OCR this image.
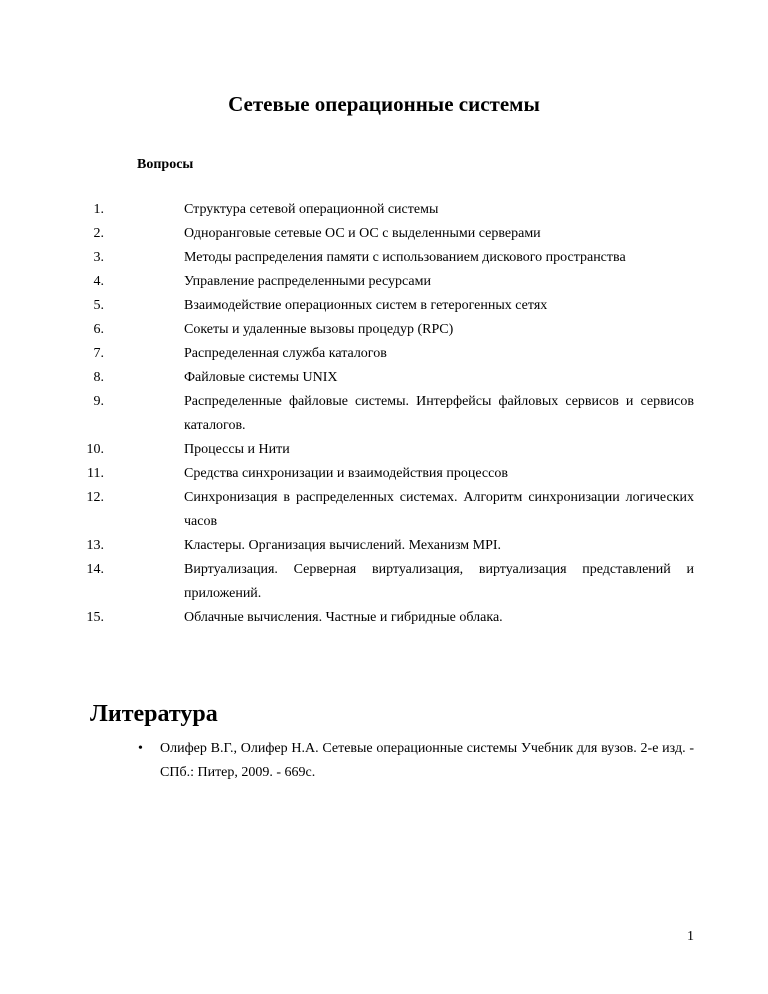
Сетевые операционные системы
Вопросы
1.	Структура сетевой операционной системы
2.	Одноранговые сетевые ОС и ОС с выделенными серверами
3.	Методы распределения памяти с использованием дискового пространства
4.	Управление распределенными ресурсами
5.	Взаимодействие операционных систем в гетерогенных сетях
6.	Сокеты и удаленные вызовы процедур (RPC)
7.	Распределенная служба каталогов
8.	Файловые системы UNIX
9.	Распределенные файловые системы. Интерфейсы файловых сервисов и сервисов каталогов.
10.	Процессы и Нити
11.	Средства синхронизации и взаимодействия процессов
12.	Синхронизация в распределенных системах. Алгоритм синхронизации логических часов
13.	Кластеры. Организация вычислений. Механизм MPI.
14.	Виртуализация. Серверная виртуализация, виртуализация представлений и приложений.
15.	Облачные вычисления. Частные и гибридные облака.
Литература
• Олифер В.Г., Олифер Н.А. Сетевые операционные системы Учебник для вузов. 2-е изд. - СПб.: Питер, 2009. - 669с.
1
